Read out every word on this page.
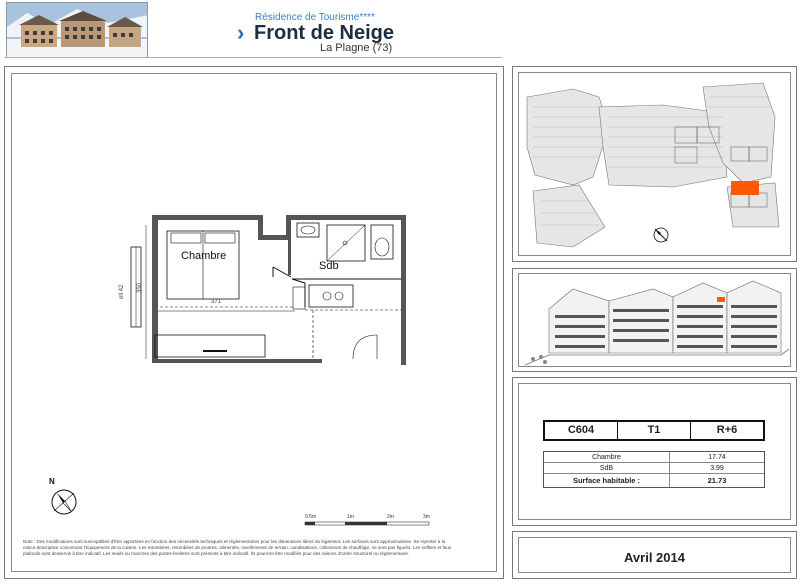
Résidence de Tourisme****
› Front de Neige
La Plagne (73)
Chambre
Sdb
371
350
ell 42
N
0.5m	1m	2m	3m

Note : Des modifications sont susceptibles d'être apportées en fonction des nécessités techniques et réglementaires pour les dimensions libres du logement. Les surfaces sont approximatives. Se reporter à la notice descriptive concernant l'équipement de la cuisine. Les retombées, retombées de poutres, alimentés, nivellements de terrain, canalisations, collecteurs de chauffage, ne sont pas figurés. Les soffites et faux plafonds sont desservis à titre indicatif. Les seuils ou marches des portes-fenêtres sont présents à titre indicatif. Ils pourront être modifiés pour des raisons d'ordre structurel ou réglementaire.

C604	T1	R+6
Chambre	17.74
SdB	3.99
Surface habitable :	21.73
Avril 2014
